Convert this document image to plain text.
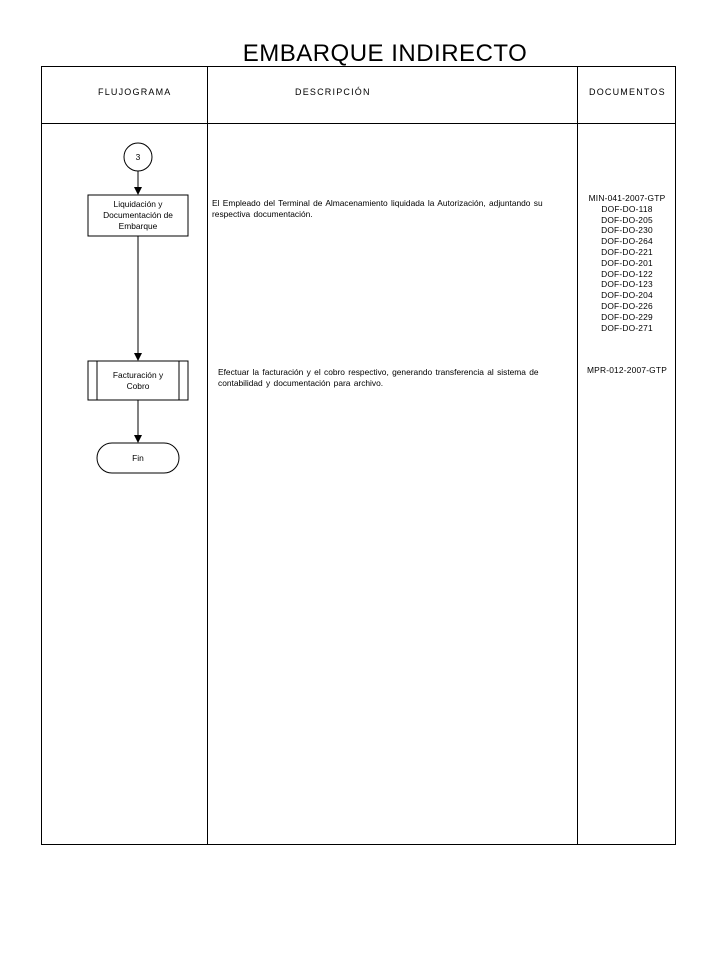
EMBARQUE INDIRECTO
FLUJOGRAMA	DESCRIPCIÓN	DOCUMENTOS
3
Liquidación y
Documentación de
Embarque
Facturación y
Cobro
Fin
El Empleado del Terminal de Almacenamiento liquidada la Autorización, adjuntando su
respectiva documentación.
Efectuar la facturación y el cobro respectivo, generando transferencia al sistema de
contabilidad y documentación para archivo.
MIN-041-2007-GTP
DOF-DO-118
DOF-DO-205
DOF-DO-230
DOF-DO-264
DOF-DO-221
DOF-DO-201
DOF-DO-122
DOF-DO-123
DOF-DO-204
DOF-DO-226
DOF-DO-229
DOF-DO-271
MPR-012-2007-GTP
